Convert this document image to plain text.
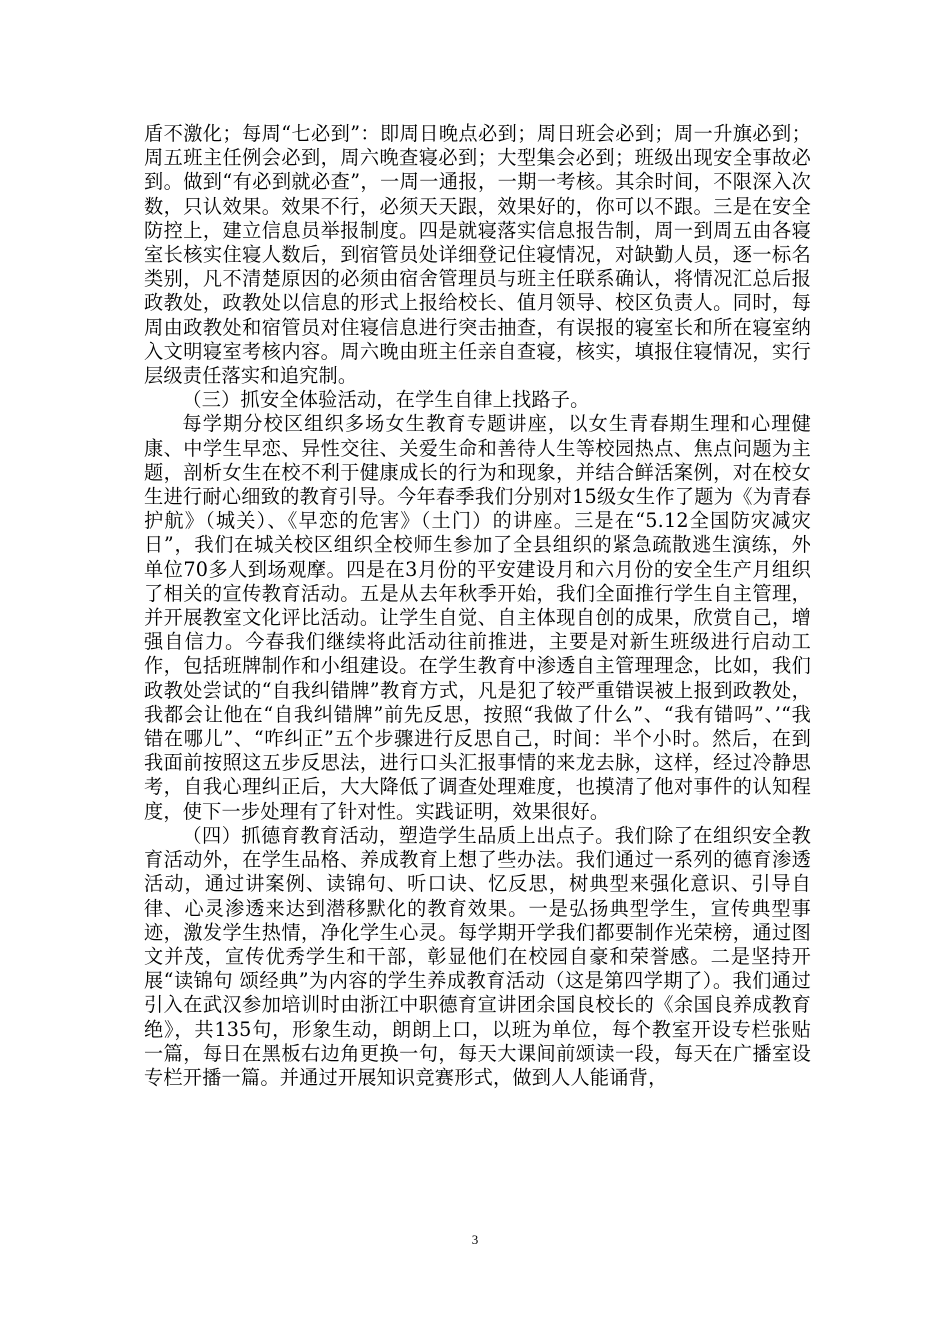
盾不激化；每周“七必到”：即周日晚点必到；周日班会必到；周一升旗必到；周五班主任例会必到，周六晚查寝必到；大型集会必到；班级出现安全事故必到。做到“有必到就必查”，一周一通报，一期一考核。其余时间，不限深入次数，只认效果。效果不行，必须天天跟，效果好的，你可以不跟。三是在安全防控上，建立信息员举报制度。四是就寝落实信息报告制，周一到周五由各寝室长核实住寝人数后，到宿管员处详细登记住寝情况，对缺勤人员，逐一标名类别，凡不清楚原因的必须由宿舍管理员与班主任联系确认，将情况汇总后报政教处，政教处以信息的形式上报给校长、值月领导、校区负责人。同时，每周由政教处和宿管员对住寝信息进行突击抽查，有误报的寝室长和所在寝室纳入文明寝室考核内容。周六晚由班主任亲自查寝，核实，填报住寝情况，实行层级责任落实和追究制。

（三）抓安全体验活动，在学生自律上找路子。

每学期分校区组织多场女生教育专题讲座，以女生青春期生理和心理健康、中学生早恋、异性交往、关爱生命和善待人生等校园热点、焦点问题为主题，剖析女生在校不利于健康成长的行为和现象，并结合鲜活案例，对在校女生进行耐心细致的教育引导。今年春季我们分别对15级女生作了题为《为青春护航》（城关）、《早恋的危害》（土门）的讲座。三是在“5.12全国防灾减灾日”，我们在城关校区组织全校师生参加了全县组织的紧急疏散逃生演练，外单位70多人到场观摩。四是在3月份的平安建设月和六月份的安全生产月组织了相关的宣传教育活动。五是从去年秋季开始，我们全面推行学生自主管理，并开展教室文化评比活动。让学生自觉、自主体现自创的成果，欣赏自己，增强自信力。今春我们继续将此活动往前推进，主要是对新生班级进行启动工作，包括班牌制作和小组建设。在学生教育中渗透自主管理理念，比如，我们政教处尝试的“自我纠错牌”教育方式，凡是犯了较严重错误被上报到政教处，我都会让他在“自我纠错牌”前先反思，按照“我做了什么”、“我有错吗”、’“我错在哪儿”、“咋纠正”五个步骤进行反思自己，时间：半个小时。然后，在到我面前按照这五步反思法，进行口头汇报事情的来龙去脉，这样，经过冷静思考，自我心理纠正后，大大降低了调查处理难度，也摸清了他对事件的认知程度，使下一步处理有了针对性。实践证明，效果很好。

（四）抓德育教育活动，塑造学生品质上出点子。我们除了在组织安全教育活动外，在学生品格、养成教育上想了些办法。我们通过一系列的德育渗透活动，通过讲案例、读锦句、听口诀、忆反思，树典型来强化意识、引导自律、心灵渗透来达到潜移默化的教育效果。一是弘扬典型学生，宣传典型事迹，激发学生热情，净化学生心灵。每学期开学我们都要制作光荣榜，通过图文并茂，宣传优秀学生和干部，彰显他们在校园自豪和荣誉感。二是坚持开展“读锦句 颂经典”为内容的学生养成教育活动（这是第四学期了）。我们通过引入在武汉参加培训时由浙江中职德育宣讲团余国良校长的《余国良养成教育绝》，共135句，形象生动，朗朗上口，以班为单位，每个教室开设专栏张贴一篇，每日在黑板右边角更换一句，每天大课间前颂读一段，每天在广播室设专栏开播一篇。并通过开展知识竞赛形式，做到人人能诵背，

3
